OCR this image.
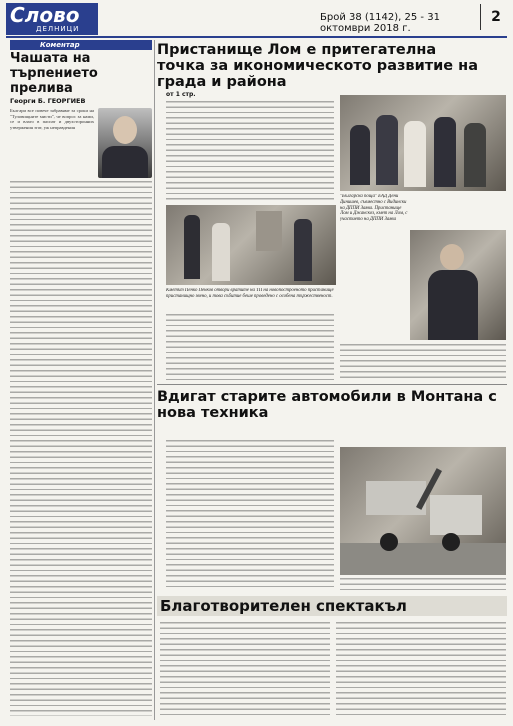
Слово
ДЕЛНИЦИ
Брой 38 (1142), 25 - 31 октомври 2018 г.
2
Коментар
Чашата на търпението прелива
Георги Б. ГЕОРГИЕВ
Българи все повече забравяме за сроки на "Туловищните мисти", че вопрос за нами, се и влаго в паспат и двухсторонних утвержения згат, уж неправдения
Пристанище Лом е притегателна точка за икономическото развитие на града и района
от 1 стр.
Кметът Пенко Пенков отвори вратите на ТП на новопостроеното пристанище пристанищно звено, и това събитие беше проведено с особена тържественост.
"Българска поща" ЕАД Дени Динишев, съвместно с Видински на ДППИ Заява. Пристанище Лом и Джанскоз, кмет на Лом, с участието на ДППИ Заява
Вдигат старите автомобили в Монтана с нова техника
Благотворителен спектакъл
